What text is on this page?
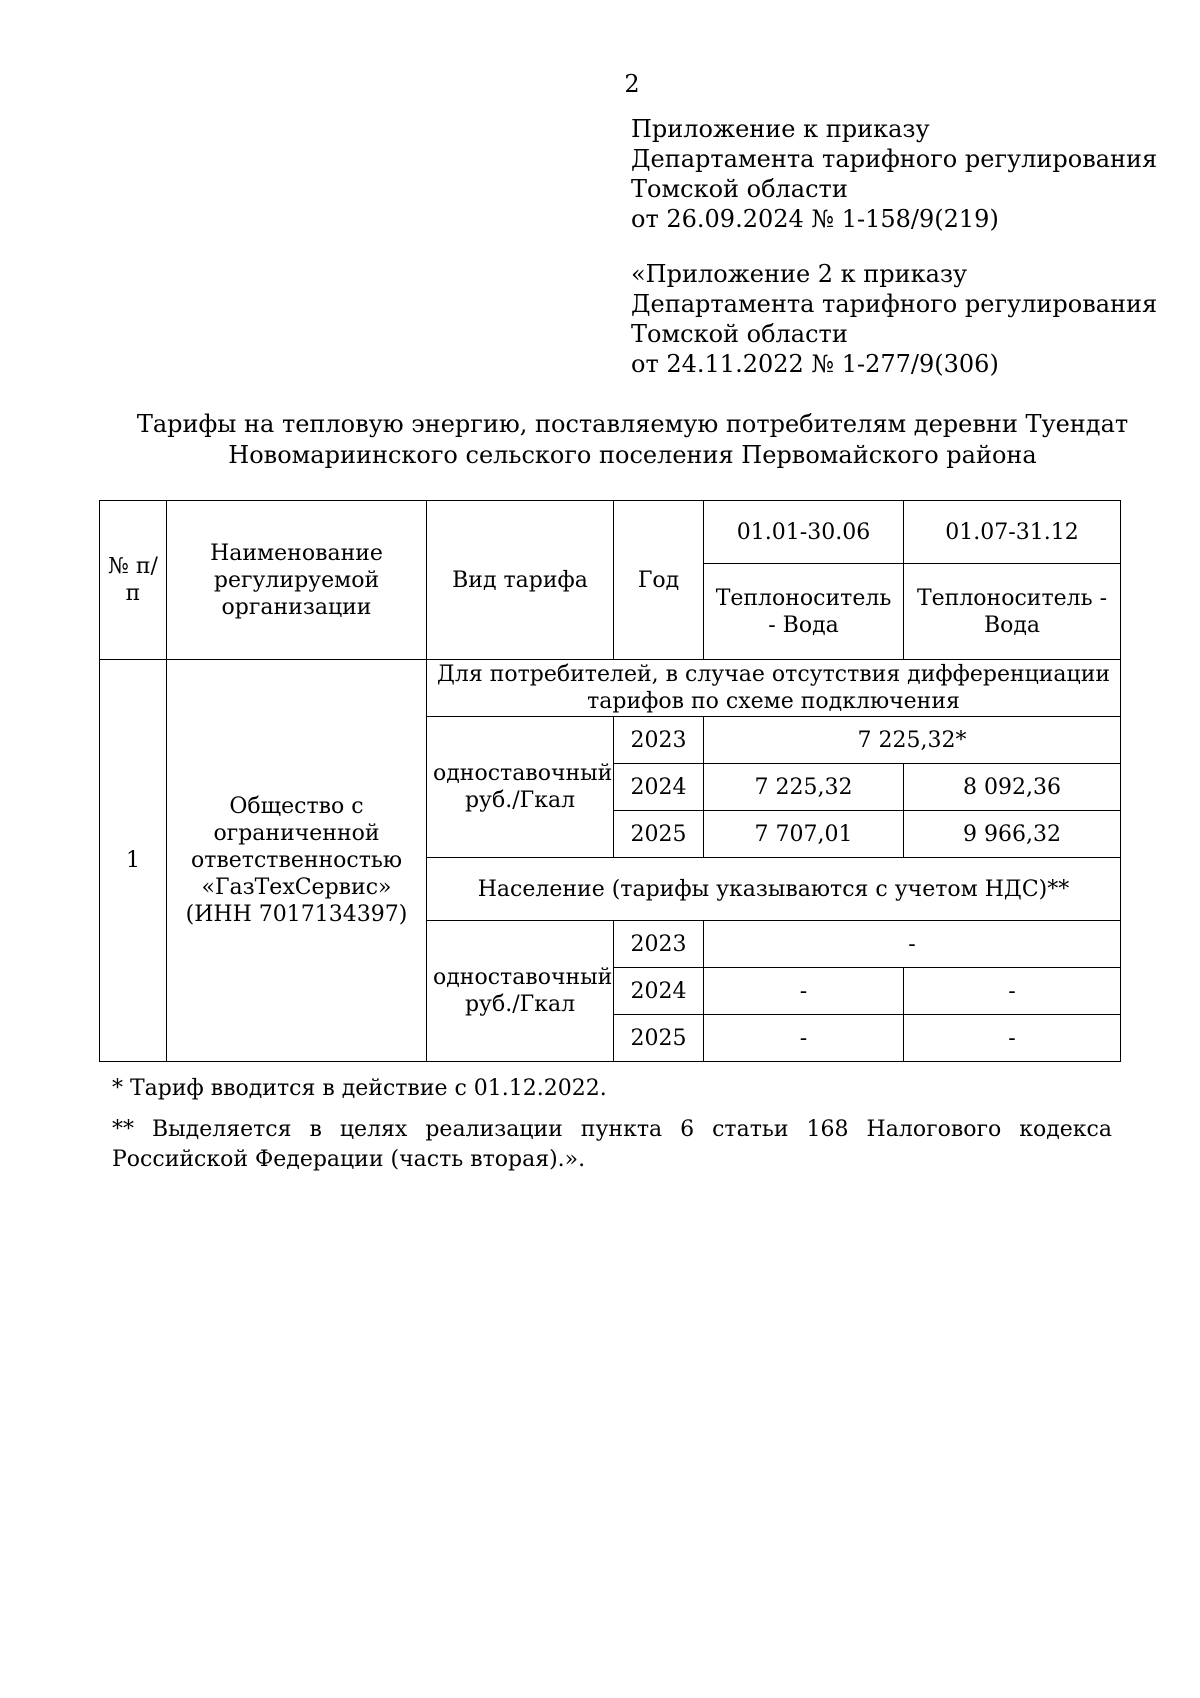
2
Приложение к приказу
Департамента тарифного регулирования
Томской области
от 26.09.2024 № 1-158/9(219)
«Приложение 2 к приказу
Департамента тарифного регулирования
Томской области
от 24.11.2022 № 1-277/9(306)
Тарифы на тепловую энергию, поставляемую потребителям деревни Туендат
Новомариинского сельского поселения Первомайского района
№ п/п	Наименование регулируемой организации	Вид тарифа	Год	01.01-30.06	01.07-31.12
				Теплоноситель - Вода	Теплоноситель - Вода
1	Общество с ограниченной ответственностью «ГазТехСервис» (ИНН 7017134397)	Для потребителей, в случае отсутствия дифференциации тарифов по схеме подключения			
		одноставочный руб./Гкал	2023	7 225,32*	
			2024	7 225,32	8 092,36
			2025	7 707,01	9 966,32
		Население (тарифы указываются с учетом НДС)**			
		одноставочный руб./Гкал	2023	-	
			2024	-	-
			2025	-	-
* Тариф вводится в действие с 01.12.2022.
** Выделяется в целях реализации пункта 6 статьи 168 Налогового кодекса Российской Федерации (часть вторая).».
